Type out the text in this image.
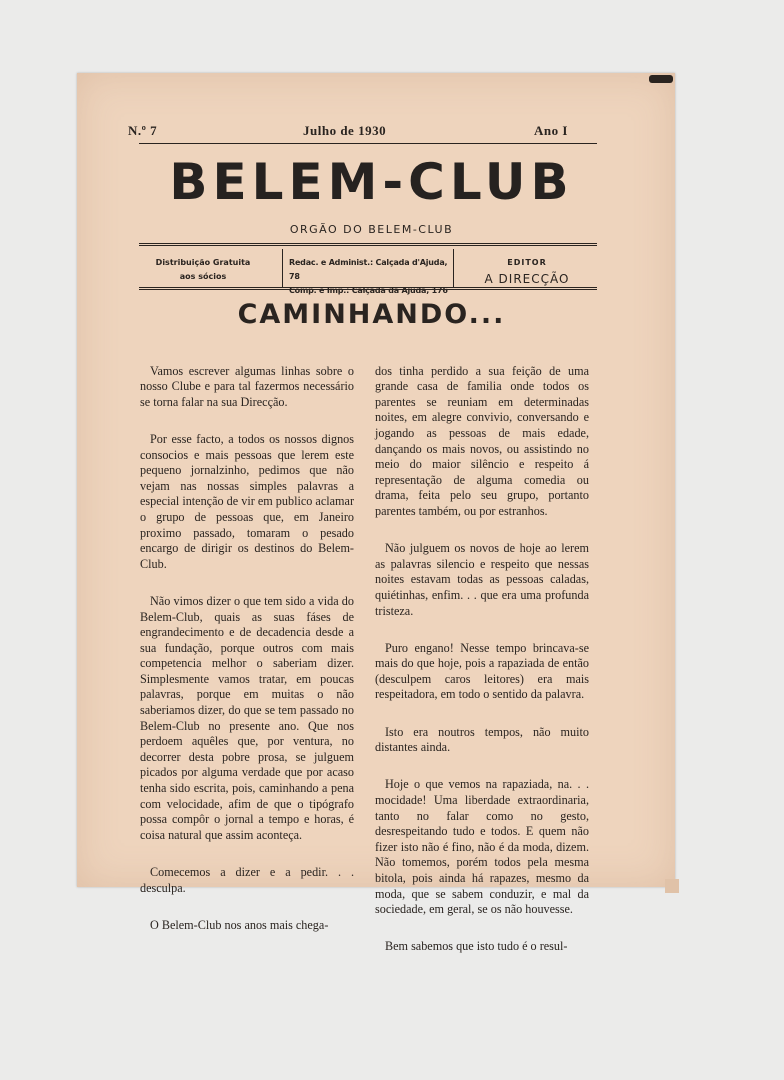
N.º 7	Julho de 1930	Ano I
BELEM-CLUB
ORGÃO DO BELEM-CLUB
Distribuição Gratuita
aos sócios
Redac. e Administ.: Calçada d'Ajuda, 78
Comp. e Imp.: Calçada da Ajuda, 176
EDITOR
A DIRECÇÃO
CAMINHANDO...

Vamos escrever algumas linhas sobre o nosso Clube e para tal fazermos necessário se torna falar na sua Direcção.

Por esse facto, a todos os nossos dignos consocios e mais pessoas que lerem este pequeno jornalzinho, pedimos que não vejam nas nossas simples palavras a especial intenção de vir em publico aclamar o grupo de pessoas que, em Janeiro proximo passado, tomaram o pesado encargo de dirigir os destinos do Belem-Club.

Não vimos dizer o que tem sido a vida do Belem-Club, quais as suas fáses de engrandecimento e de decadencia desde a sua fundação, porque outros com mais competencia melhor o saberiam dizer. Simplesmente vamos tratar, em poucas palavras, porque em muitas o não saberiamos dizer, do que se tem passado no Belem-Club no presente ano. Que nos perdoem aquêles que, por ventura, no decorrer desta pobre prosa, se julguem picados por alguma verdade que por acaso tenha sido escrita, pois, caminhando a pena com velocidade, afim de que o tipógrafo possa compôr o jornal a tempo e horas, é coisa natural que assim aconteça.

Comecemos a dizer e a pedir. . . desculpa.

O Belem-Club nos anos mais chega-

dos tinha perdido a sua feição de uma grande casa de familia onde todos os parentes se reuniam em determinadas noites, em alegre convivio, conversando e jogando as pessoas de mais edade, dançando os mais novos, ou assistindo no meio do maior silêncio e respeito á representação de alguma comedia ou drama, feita pelo seu grupo, portanto parentes também, ou por estranhos.

Não julguem os novos de hoje ao lerem as palavras silencio e respeito que nessas noites estavam todas as pessoas caladas, quiétinhas, enfim. . . que era uma profunda tristeza.

Puro engano! Nesse tempo brincava-se mais do que hoje, pois a rapaziada de então (desculpem caros leitores) era mais respeitadora, em todo o sentido da palavra.

Isto era noutros tempos, não muito distantes ainda.

Hoje o que vemos na rapaziada, na. . . mocidade! Uma liberdade extraordinaria, tanto no falar como no gesto, desrespeitando tudo e todos. E quem não fizer isto não é fino, não é da moda, dizem. Não tomemos, porém todos pela mesma bitola, pois ainda há rapazes, mesmo da moda, que se sabem conduzir, e mal da sociedade, em geral, se os não houvesse.

Bem sabemos que isto tudo é o resul-
